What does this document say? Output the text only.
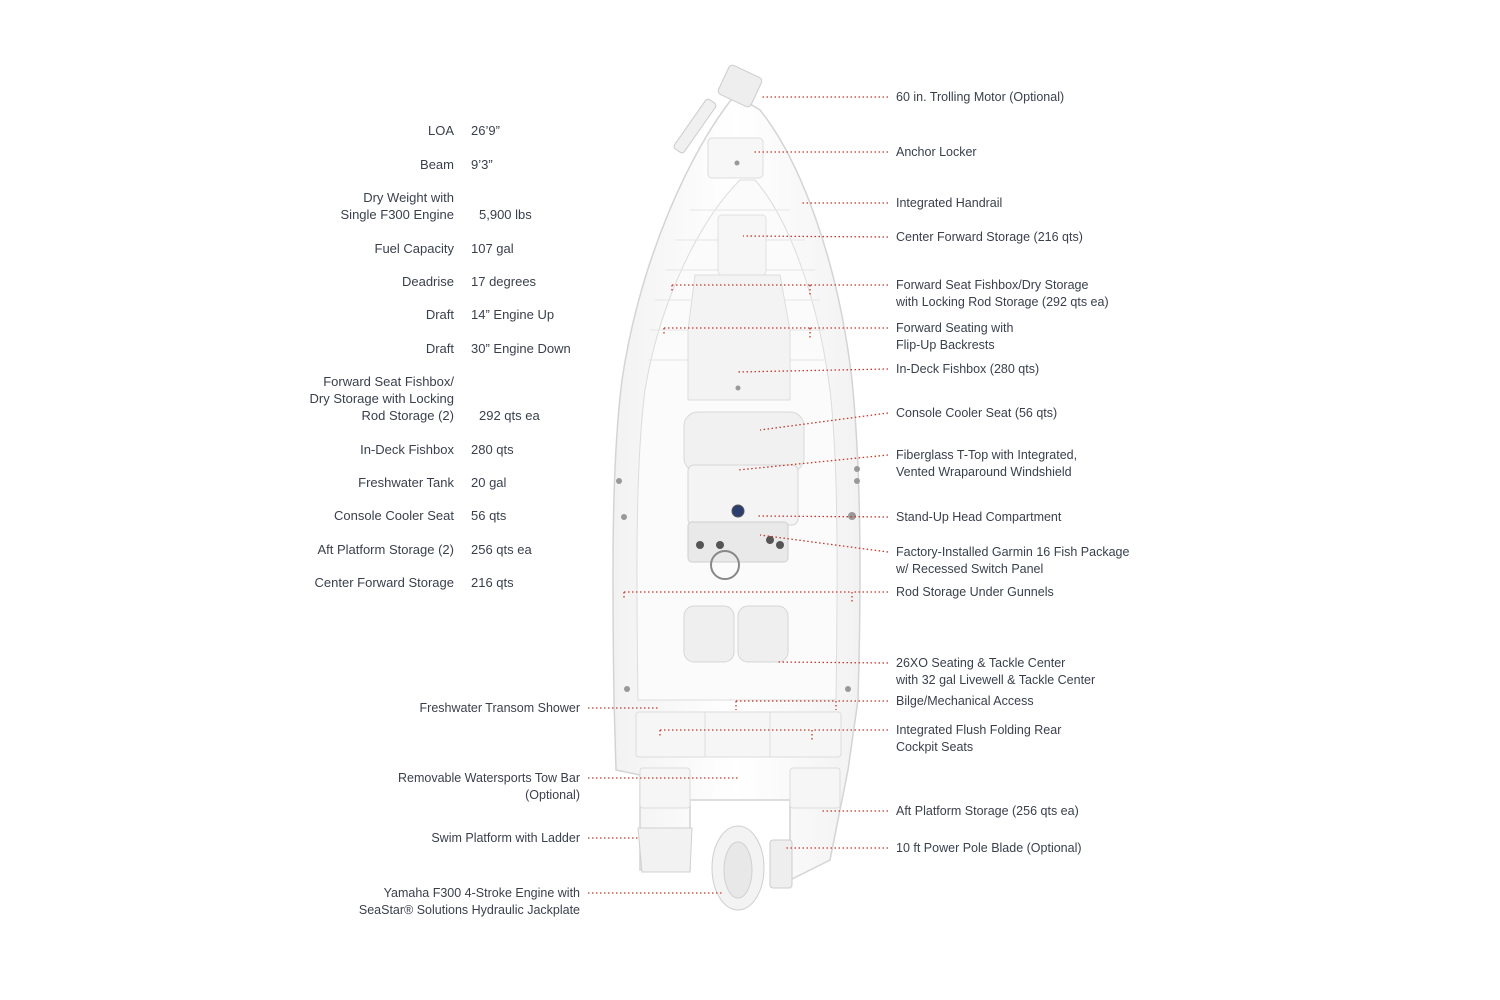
LOA 26’9”
Beam 9’3”
Dry Weight with
Single F300 Engine 5,900 lbs
Fuel Capacity 107 gal
Deadrise 17 degrees
Draft 14” Engine Up
Draft 30” Engine Down
Forward Seat Fishbox/
Dry Storage with Locking
Rod Storage (2) 292 qts ea
In-Deck Fishbox 280 qts
Freshwater Tank 20 gal
Console Cooler Seat 56 qts
Aft Platform Storage (2) 256 qts ea
Center Forward Storage 216 qts
60 in. Trolling Motor (Optional)
Anchor Locker
Integrated Handrail
Center Forward Storage (216 qts)
Forward Seat Fishbox/Dry Storage
with Locking Rod Storage (292 qts ea)
Forward Seating with
Flip-Up Backrests
In-Deck Fishbox (280 qts)
Console Cooler Seat (56 qts)
Fiberglass T-Top with Integrated,
Vented Wraparound Windshield
Stand-Up Head Compartment
Factory-Installed Garmin 16 Fish Package
w/ Recessed Switch Panel
Rod Storage Under Gunnels
26XO Seating & Tackle Center
with 32 gal Livewell & Tackle Center
Bilge/Mechanical Access
Integrated Flush Folding Rear
Cockpit Seats
Aft Platform Storage (256 qts ea)
10 ft Power Pole Blade (Optional)
Freshwater Transom Shower
Removable Watersports Tow Bar
(Optional)
Swim Platform with Ladder
Yamaha F300 4-Stroke Engine with
SeaStar® Solutions Hydraulic Jackplate
